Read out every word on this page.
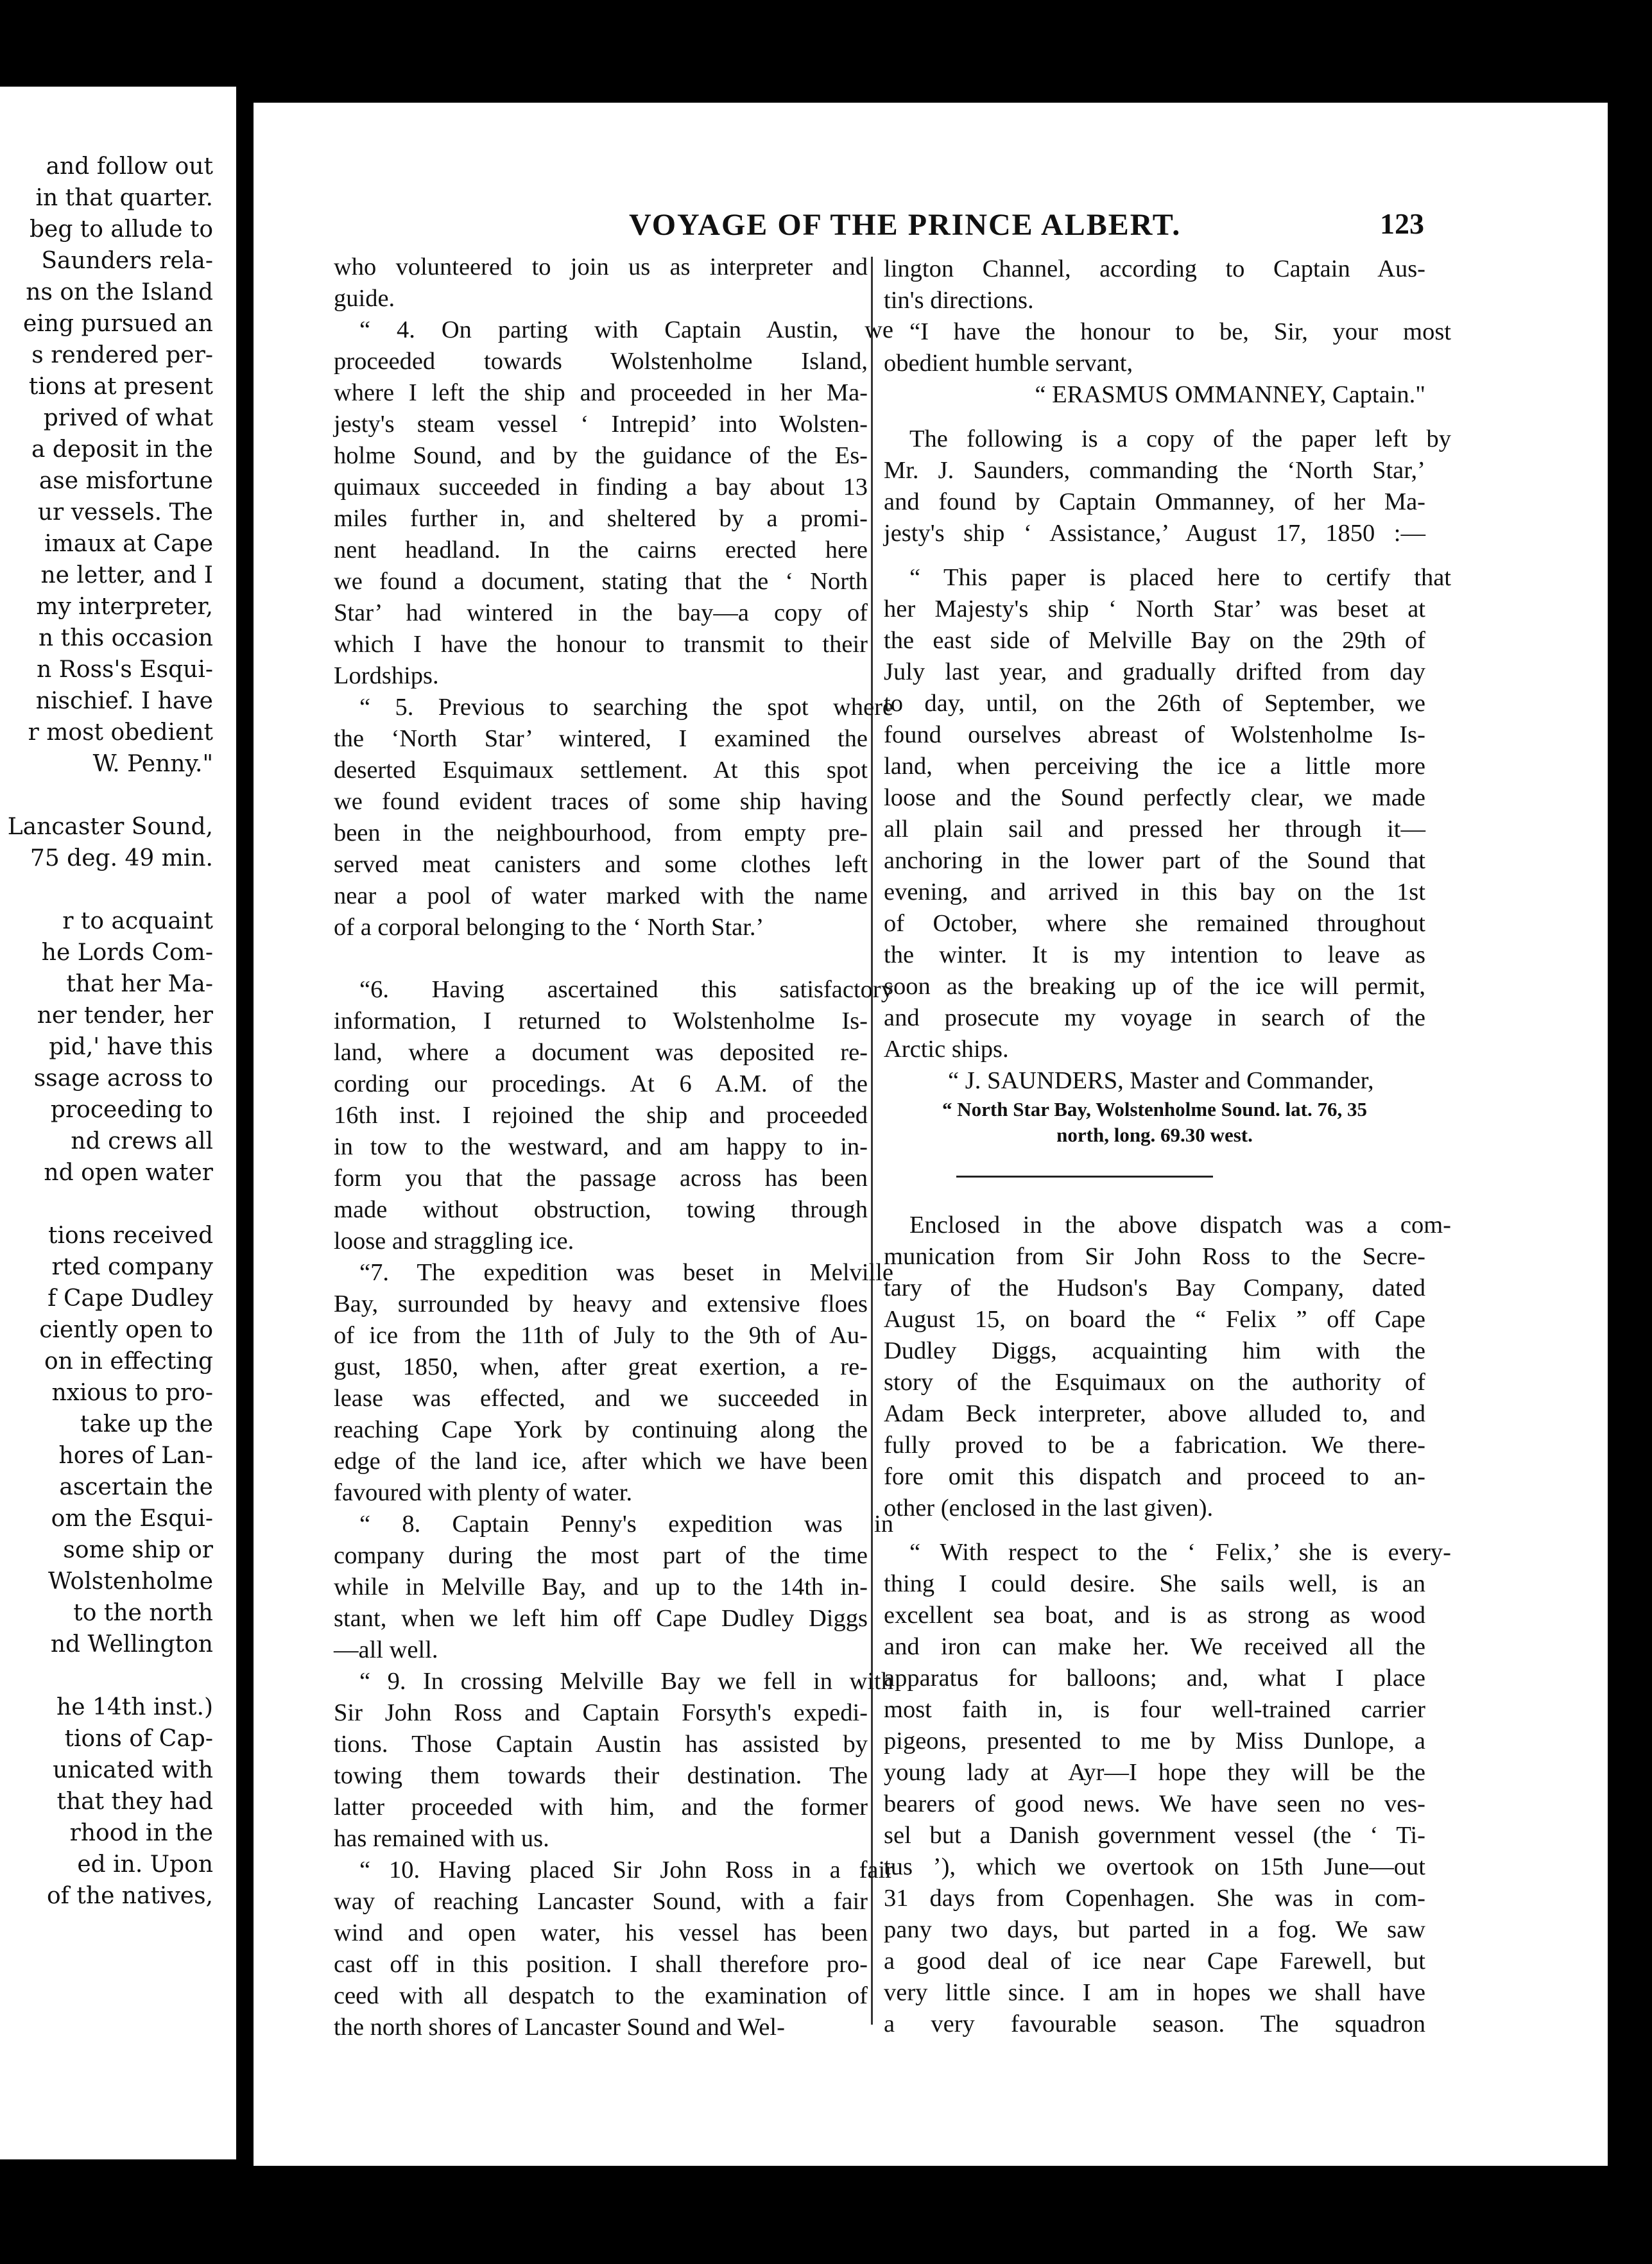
and follow out
in that quarter.
beg to allude to
Saunders rela-
ns on the Island
eing pursued an
s rendered per-
tions at present
prived of what
a deposit in the
ase misfortune
ur vessels. The
imaux at Cape
ne letter, and I
my interpreter,
n this occasion
n Ross's Esqui-
nischief. I have
r most obedient
W. Penny."
Lancaster Sound,
75 deg. 49 min.
r to acquaint
he Lords Com-
that her Ma-
ner tender, her
pid,' have this
ssage across to
proceeding to
nd crews all
nd open water
tions received
rted company
f Cape Dudley
ciently open to
on in effecting
nxious to pro-
take up the
hores of Lan-
ascertain the
om the Esqui-
some ship or
Wolstenholme
to the north
nd Wellington
he 14th inst.)
tions of Cap-
unicated with
that they had
rhood in the
ed in. Upon
of the natives,
VOYAGE OF THE PRINCE ALBERT.	123
who volunteered to join us as interpreter and
guide.
“ 4. On parting with Captain Austin, we
proceeded towards Wolstenholme Island,
where I left the ship and proceeded in her Ma-
jesty's steam vessel ‘ Intrepid’ into Wolsten-
holme Sound, and by the guidance of the Es-
quimaux succeeded in finding a bay about 13
miles further in, and sheltered by a promi-
nent headland. In the cairns erected here
we found a document, stating that the ‘ North
Star’ had wintered in the bay—a copy of
which I have the honour to transmit to their
Lordships.
“ 5. Previous to searching the spot where
the ‘North Star’ wintered, I examined the
deserted Esquimaux settlement. At this spot
we found evident traces of some ship having
been in the neighbourhood, from empty pre-
served meat canisters and some clothes left
near a pool of water marked with the name
of a corporal belonging to the ‘ North Star.’
“6. Having ascertained this satisfactory
information, I returned to Wolstenholme Is-
land, where a document was deposited re-
cording our procedings. At 6 A.M. of the
16th inst. I rejoined the ship and proceeded
in tow to the westward, and am happy to in-
form you that the passage across has been
made without obstruction, towing through
loose and straggling ice.
“7. The expedition was beset in Melville
Bay, surrounded by heavy and extensive floes
of ice from the 11th of July to the 9th of Au-
gust, 1850, when, after great exertion, a re-
lease was effected, and we succeeded in
reaching Cape York by continuing along the
edge of the land ice, after which we have been
favoured with plenty of water.
“ 8. Captain Penny's expedition was in
company during the most part of the time
while in Melville Bay, and up to the 14th in-
stant, when we left him off Cape Dudley Diggs
—all well.
“ 9. In crossing Melville Bay we fell in with
Sir John Ross and Captain Forsyth's expedi-
tions. Those Captain Austin has assisted by
towing them towards their destination. The
latter proceeded with him, and the former
has remained with us.
“ 10. Having placed Sir John Ross in a fair
way of reaching Lancaster Sound, with a fair
wind and open water, his vessel has been
cast off in this position. I shall therefore pro-
ceed with all despatch to the examination of
the north shores of Lancaster Sound and Wel-
lington Channel, according to Captain Aus-
tin's directions.
“I have the honour to be, Sir, your most
obedient humble servant,
“ ERASMUS OMMANNEY, Captain."
The following is a copy of the paper left by
Mr. J. Saunders, commanding the ‘North Star,’
and found by Captain Ommanney, of her Ma-
jesty's ship ‘ Assistance,’ August 17, 1850 :—
“ This paper is placed here to certify that
her Majesty's ship ‘ North Star’ was beset at
the east side of Melville Bay on the 29th of
July last year, and gradually drifted from day
to day, until, on the 26th of September, we
found ourselves abreast of Wolstenholme Is-
land, when perceiving the ice a little more
loose and the Sound perfectly clear, we made
all plain sail and pressed her through it—
anchoring in the lower part of the Sound that
evening, and arrived in this bay on the 1st
of October, where she remained throughout
the winter. It is my intention to leave as
soon as the breaking up of the ice will permit,
and prosecute my voyage in search of the
Arctic ships.
“ J. SAUNDERS, Master and Commander,
“ North Star Bay, Wolstenholme Sound. lat. 76, 35
north, long. 69.30 west.
Enclosed in the above dispatch was a com-
munication from Sir John Ross to the Secre-
tary of the Hudson's Bay Company, dated
August 15, on board the “ Felix ” off Cape
Dudley Diggs, acquainting him with the
story of the Esquimaux on the authority of
Adam Beck interpreter, above alluded to, and
fully proved to be a fabrication. We there-
fore omit this dispatch and proceed to an-
other (enclosed in the last given).
“ With respect to the ‘ Felix,’ she is every-
thing I could desire. She sails well, is an
excellent sea boat, and is as strong as wood
and iron can make her. We received all the
apparatus for balloons; and, what I place
most faith in, is four well-trained carrier
pigeons, presented to me by Miss Dunlope, a
young lady at Ayr—I hope they will be the
bearers of good news. We have seen no ves-
sel but a Danish government vessel (the ‘ Ti-
tus ’), which we overtook on 15th June—out
31 days from Copenhagen. She was in com-
pany two days, but parted in a fog. We saw
a good deal of ice near Cape Farewell, but
very little since. I am in hopes we shall have
a very favourable season. The squadron
